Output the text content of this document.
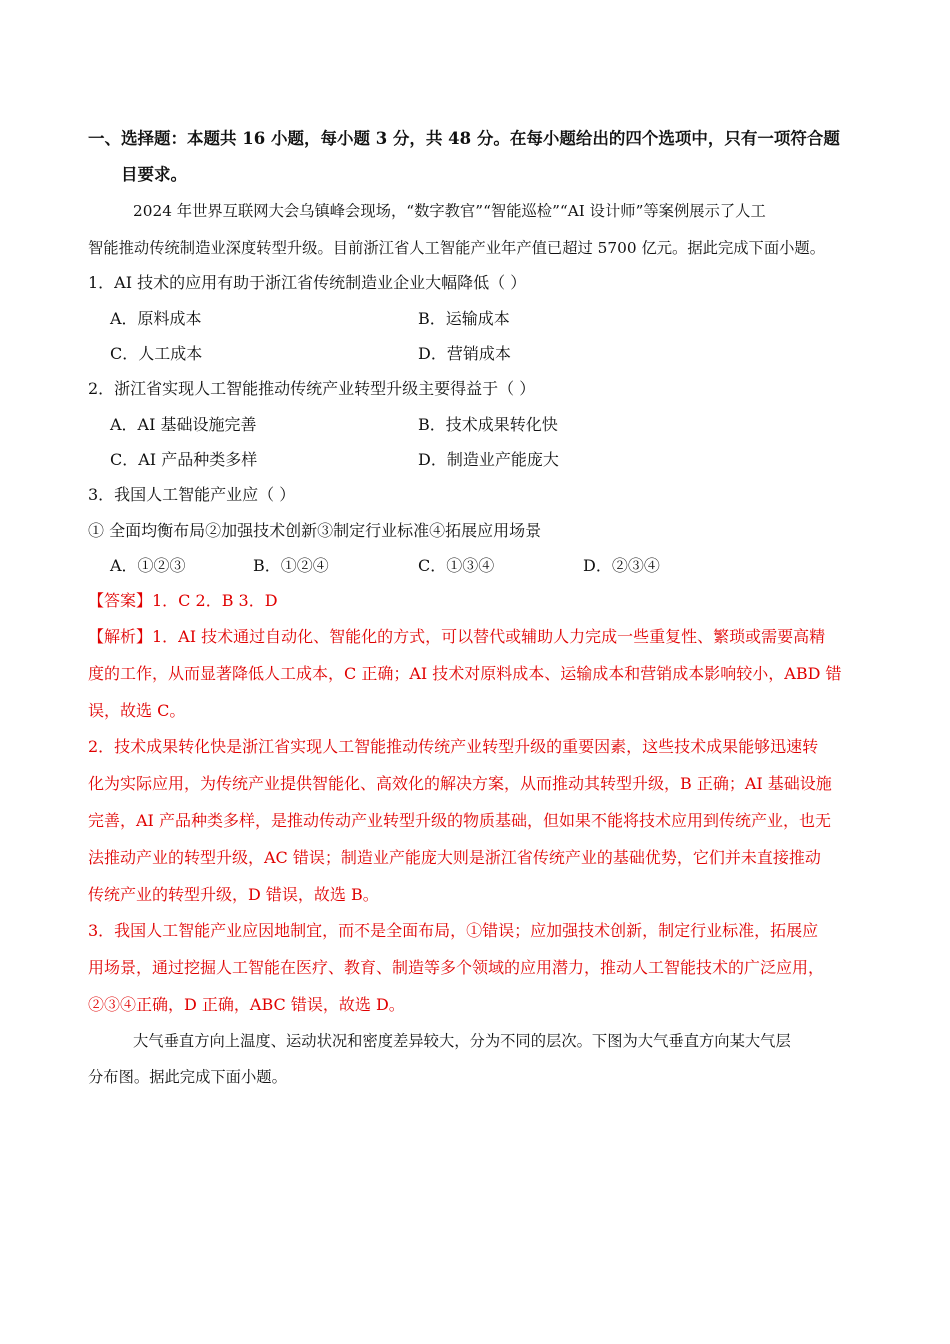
一、选择题：本题共 16 小题，每小题 3 分，共 48 分。在每小题给出的四个选项中，只有一项符合题
目要求。
2024 年世界互联网大会乌镇峰会现场，“数字教官”“智能巡检”“AI 设计师”等案例展示了人工
智能推动传统制造业深度转型升级。目前浙江省人工智能产业年产值已超过 5700 亿元。据此完成下面小题。
1．AI 技术的应用有助于浙江省传统制造业企业大幅降低（ ）
A．原料成本	B．运输成本
C．人工成本	D．营销成本
2．浙江省实现人工智能推动传统产业转型升级主要得益于（ ）
A．AI 基础设施完善	B．技术成果转化快
C．AI 产品种类多样	D．制造业产能庞大
3．我国人工智能产业应（ ）
① 全面均衡布局②加强技术创新③制定行业标准④拓展应用场景
A．①②③	B．①②④	C．①③④	D．②③④
【答案】1．C 2．B 3．D
【解析】1．AI 技术通过自动化、智能化的方式，可以替代或辅助人力完成一些重复性、繁琐或需要高精
度的工作，从而显著降低人工成本，C 正确；AI 技术对原料成本、运输成本和营销成本影响较小，ABD 错
误，故选 C。
2．技术成果转化快是浙江省实现人工智能推动传统产业转型升级的重要因素，这些技术成果能够迅速转
化为实际应用，为传统产业提供智能化、高效化的解决方案，从而推动其转型升级，B 正确；AI 基础设施
完善，AI 产品种类多样，是推动传动产业转型升级的物质基础，但如果不能将技术应用到传统产业，也无
法推动产业的转型升级，AC 错误；制造业产能庞大则是浙江省传统产业的基础优势，它们并未直接推动
传统产业的转型升级，D 错误，故选 B。
3．我国人工智能产业应因地制宜，而不是全面布局，①错误；应加强技术创新，制定行业标准，拓展应
用场景，通过挖掘人工智能在医疗、教育、制造等多个领域的应用潜力，推动人工智能技术的广泛应用，
②③④正确，D 正确，ABC 错误，故选 D。
大气垂直方向上温度、运动状况和密度差异较大，分为不同的层次。下图为大气垂直方向某大气层
分布图。据此完成下面小题。
